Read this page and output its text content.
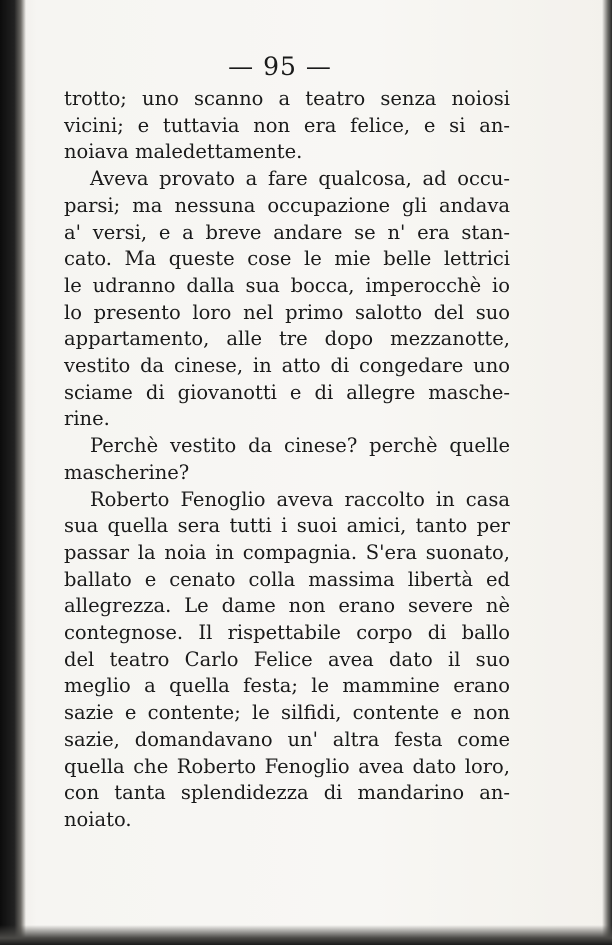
— 95 —
trotto; uno scanno a teatro senza noiosi
vicini; e tuttavia non era felice, e si an-
noiava maledettamente.
Aveva provato a fare qualcosa, ad occu-
parsi; ma nessuna occupazione gli andava
a' versi, e a breve andare se n' era stan-
cato. Ma queste cose le mie belle lettrici
le udranno dalla sua bocca, imperocchè io
lo presento loro nel primo salotto del suo
appartamento, alle tre dopo mezzanotte,
vestito da cinese, in atto di congedare uno
sciame di giovanotti e di allegre masche-
rine.
Perchè vestito da cinese? perchè quelle
mascherine?
Roberto Fenoglio aveva raccolto in casa
sua quella sera tutti i suoi amici, tanto per
passar la noia in compagnia. S'era suonato,
ballato e cenato colla massima libertà ed
allegrezza. Le dame non erano severe nè
contegnose. Il rispettabile corpo di ballo
del teatro Carlo Felice avea dato il suo
meglio a quella festa; le mammine erano
sazie e contente; le silfidi, contente e non
sazie, domandavano un' altra festa come
quella che Roberto Fenoglio avea dato loro,
con tanta splendidezza di mandarino an-
noiato.
